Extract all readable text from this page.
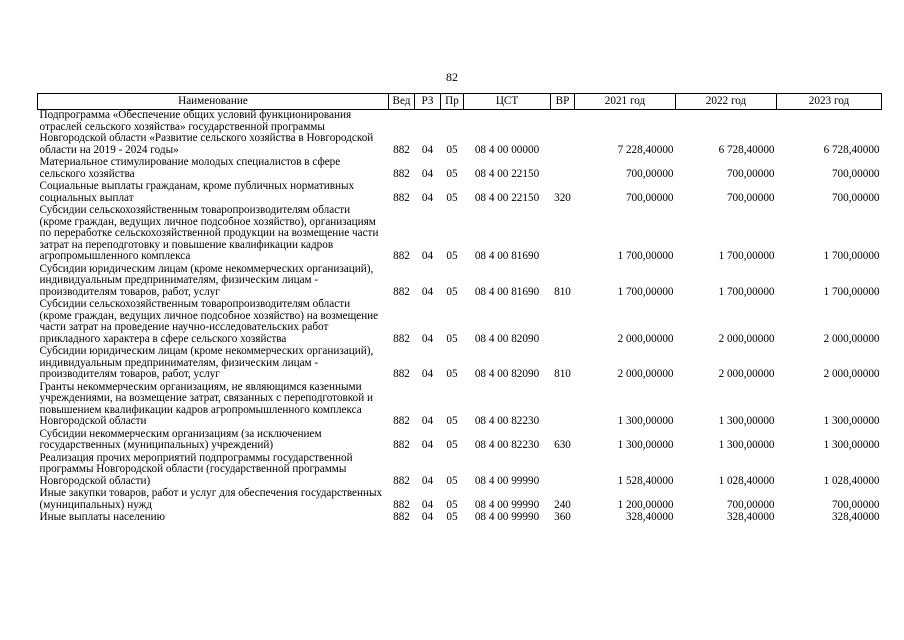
82
Наименование	Вед	РЗ	Пр	ЦСТ	ВР	2021 год	2022 год	2023 год
Подпрограмма «Обеспечение общих условий функционирования отраслей сельского хозяйства» государственной программы Новгородской области «Развитие сельского хозяйства в Новгородской области на 2019 - 2024 годы»	882	04	05	08 4 00 00000		7 228,40000	6 728,40000	6 728,40000
Материальное стимулирование молодых специалистов в сфере сельского хозяйства	882	04	05	08 4 00 22150		700,00000	700,00000	700,00000
Социальные выплаты гражданам, кроме публичных нормативных социальных выплат	882	04	05	08 4 00 22150	320	700,00000	700,00000	700,00000
Субсидии сельскохозяйственным товаропроизводителям области (кроме граждан, ведущих личное подсобное хозяйство), организациям по переработке сельскохозяйственной продукции на возмещение части затрат на переподготовку и повышение квалификации кадров агропромышленного комплекса	882	04	05	08 4 00 81690		1 700,00000	1 700,00000	1 700,00000
Субсидии юридическим лицам (кроме некоммерческих организаций), индивидуальным предпринимателям, физическим лицам - производителям товаров, работ, услуг	882	04	05	08 4 00 81690	810	1 700,00000	1 700,00000	1 700,00000
Субсидии сельскохозяйственным товаропроизводителям области (кроме граждан, ведущих личное подсобное хозяйство) на возмещение части затрат на проведение научно-исследовательских работ прикладного характера в сфере сельского хозяйства	882	04	05	08 4 00 82090		2 000,00000	2 000,00000	2 000,00000
Субсидии юридическим лицам (кроме некоммерческих организаций), индивидуальным предпринимателям, физическим лицам - производителям товаров, работ, услуг	882	04	05	08 4 00 82090	810	2 000,00000	2 000,00000	2 000,00000
Гранты некоммерческим организациям, не являющимся казенными учреждениями, на возмещение затрат, связанных с переподготовкой и повышением квалификации кадров агропромышленного комплекса Новгородской области	882	04	05	08 4 00 82230		1 300,00000	1 300,00000	1 300,00000
Субсидии некоммерческим организациям (за исключением государственных (муниципальных) учреждений)	882	04	05	08 4 00 82230	630	1 300,00000	1 300,00000	1 300,00000
Реализация прочих мероприятий подпрограммы государственной программы Новгородской области (государственной программы Новгородской области)	882	04	05	08 4 00 99990		1 528,40000	1 028,40000	1 028,40000
Иные закупки товаров, работ и услуг для обеспечения государственных (муниципальных) нужд	882	04	05	08 4 00 99990	240	1 200,00000	700,00000	700,00000
Иные выплаты населению	882	04	05	08 4 00 99990	360	328,40000	328,40000	328,40000
